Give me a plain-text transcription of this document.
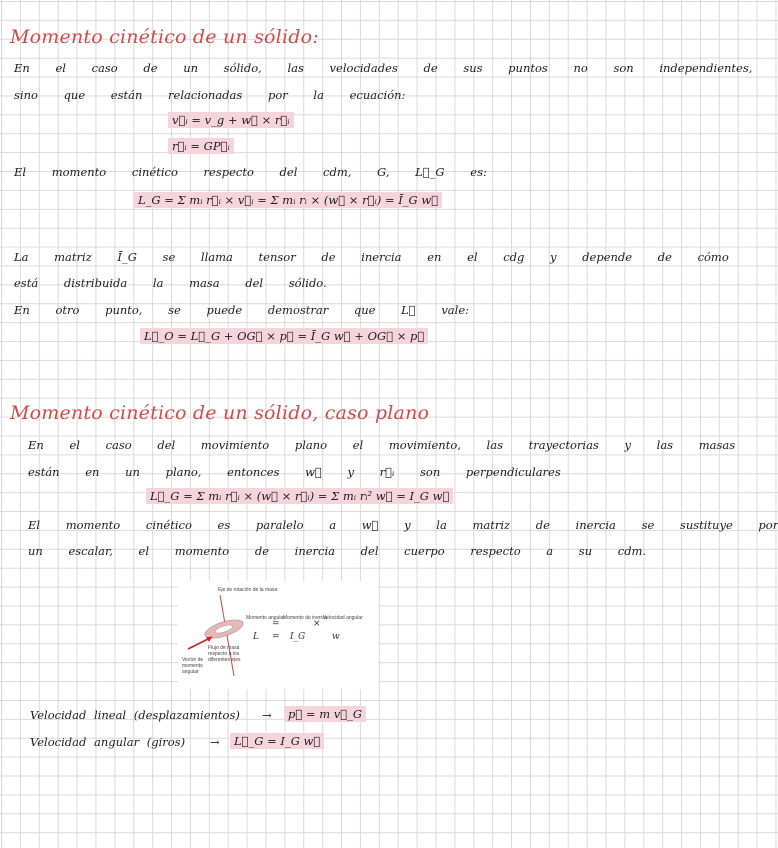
Momento cinético de un sólido:
En el caso de un sólido, las velocidades de sus puntos no son independientes,
sino que están relacionadas por la ecuación:
v⃗ᵢ = v_g + w⃗ × r⃗ᵢ
r⃗ᵢ = GP⃗ᵢ
El momento cinético respecto del cdm, G, L⃗_G es:
L_G = Σ mᵢ r⃗ᵢ × v⃗ᵢ = Σ mᵢ rᵢ × (w⃗ × r⃗ᵢ) = Ī_G w⃗
La matriz Ī_G se llama tensor de inercia en el cdg y depende de cómo
está distribuida la masa del sólido.
En otro punto, se puede demostrar que L⃗ vale:
L⃗_O = L⃗_G + OG⃗ × p⃗ = Ī_G w⃗ + OG⃗ × p⃗
Momento cinético de un sólido, caso plano
En el caso del movimiento plano el movimiento, las trayectorias y las masas
están en un plano, entonces w⃗ y r⃗ᵢ son perpendiculares
L⃗_G = Σ mᵢ r⃗ᵢ × (w⃗ × r⃗ᵢ) = Σ mᵢ rᵢ² w⃗ = I_G w⃗
El momento cinético es paralelo a w⃗ y la matriz de inercia se sustituye por
un escalar, el momento de inercia del cuerpo respecto a su cdm.
Eje de rotación de la masa
Vector de
momento
angular
Flujo de masa
respecto a los
diferentes ejes
Momento angular
Momento de inercia
Velocidad angular
=	×
L = I_G	w
Velocidad lineal (desplazamientos) →	p⃗ = m v⃗_G
Velocidad angular (giros) →	L⃗_G = I_G w⃗
